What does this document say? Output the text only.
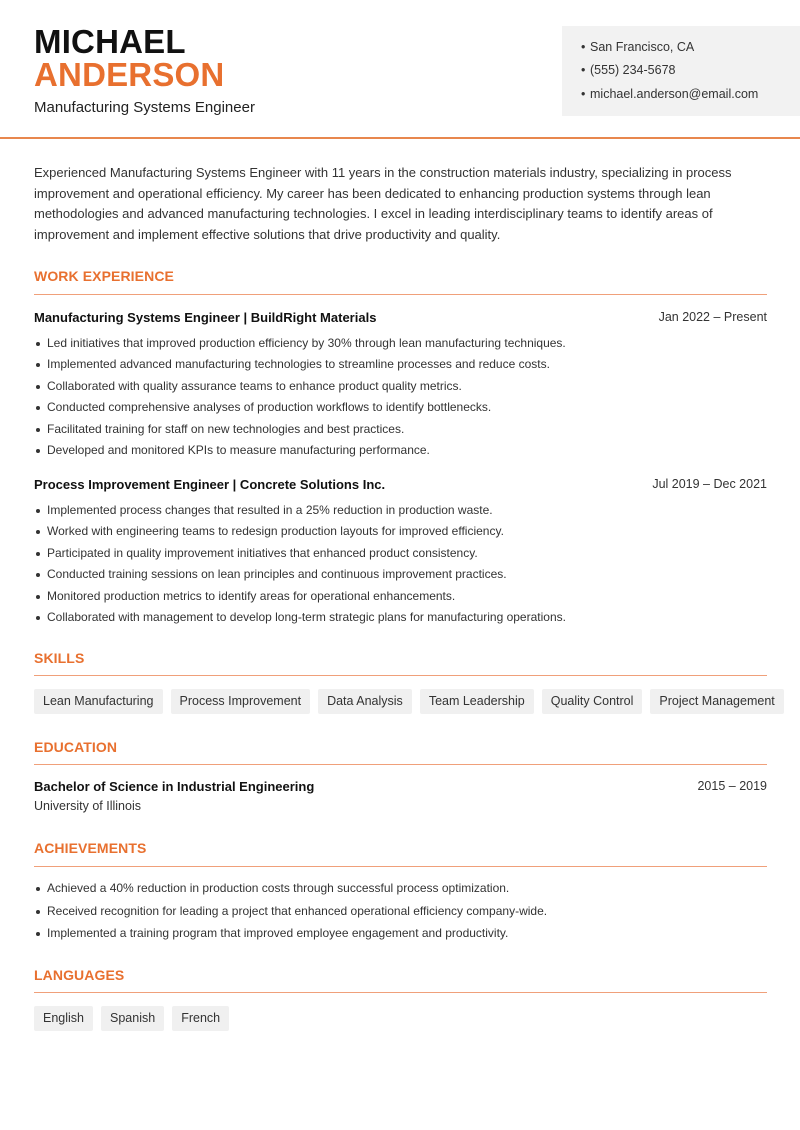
MICHAEL
ANDERSON
Manufacturing Systems Engineer
• San Francisco, CA
• (555) 234-5678
• michael.anderson@email.com
Experienced Manufacturing Systems Engineer with 11 years in the construction materials industry, specializing in process improvement and operational efficiency. My career has been dedicated to enhancing production systems through lean methodologies and advanced manufacturing technologies. I excel in leading interdisciplinary teams to identify areas of improvement and implement effective solutions that drive productivity and quality.
WORK EXPERIENCE
Manufacturing Systems Engineer | BuildRight Materials	Jan 2022 – Present
Led initiatives that improved production efficiency by 30% through lean manufacturing techniques.
Implemented advanced manufacturing technologies to streamline processes and reduce costs.
Collaborated with quality assurance teams to enhance product quality metrics.
Conducted comprehensive analyses of production workflows to identify bottlenecks.
Facilitated training for staff on new technologies and best practices.
Developed and monitored KPIs to measure manufacturing performance.
Process Improvement Engineer | Concrete Solutions Inc.	Jul 2019 – Dec 2021
Implemented process changes that resulted in a 25% reduction in production waste.
Worked with engineering teams to redesign production layouts for improved efficiency.
Participated in quality improvement initiatives that enhanced product consistency.
Conducted training sessions on lean principles and continuous improvement practices.
Monitored production metrics to identify areas for operational enhancements.
Collaborated with management to develop long-term strategic plans for manufacturing operations.
SKILLS
Lean Manufacturing	Process Improvement	Data Analysis	Team Leadership	Quality Control	Project Management
EDUCATION
Bachelor of Science in Industrial Engineering	2015 – 2019
University of Illinois
ACHIEVEMENTS
Achieved a 40% reduction in production costs through successful process optimization.
Received recognition for leading a project that enhanced operational efficiency company-wide.
Implemented a training program that improved employee engagement and productivity.
LANGUAGES
English	Spanish	French
